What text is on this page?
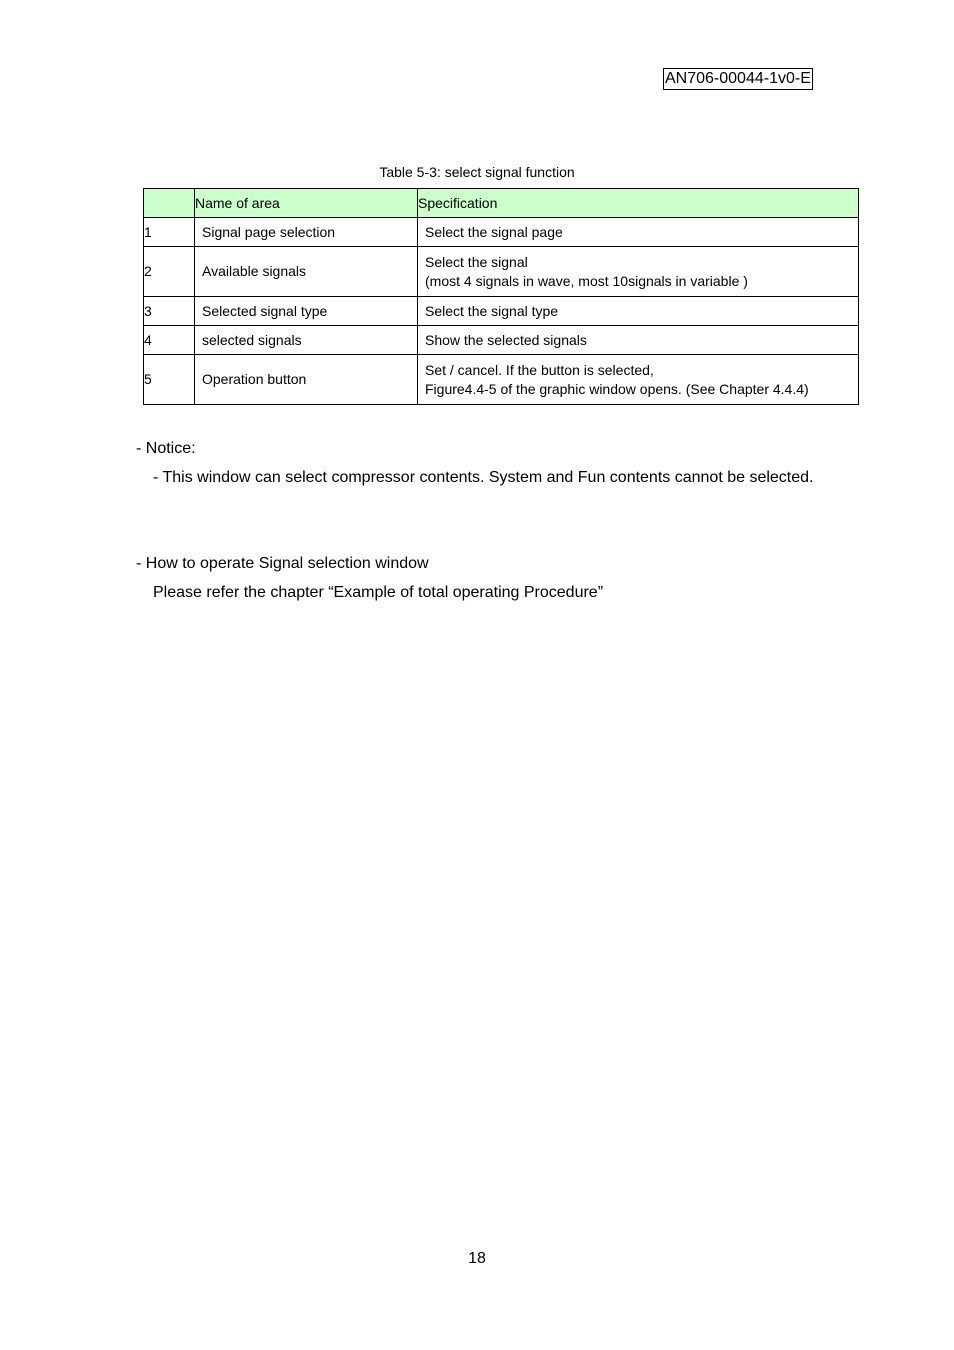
AN706-00044-1v0-E
Table 5-3: select signal function
	Name of area	Specification
1	Signal page selection	Select the signal page

2	Available signals	Select the signal
(most 4 signals in wave, most 10signals in variable )

3	Selected signal type	Select the signal type

4	selected signals	Show the selected signals

5	Operation button	Set / cancel. If the button is selected,
Figure4.4-5 of the graphic window opens. (See Chapter 4.4.4)
- Notice:
- This window can select compressor contents. System and Fun contents cannot be selected.
- How to operate Signal selection window
Please refer the chapter “Example of total operating Procedure”
18
